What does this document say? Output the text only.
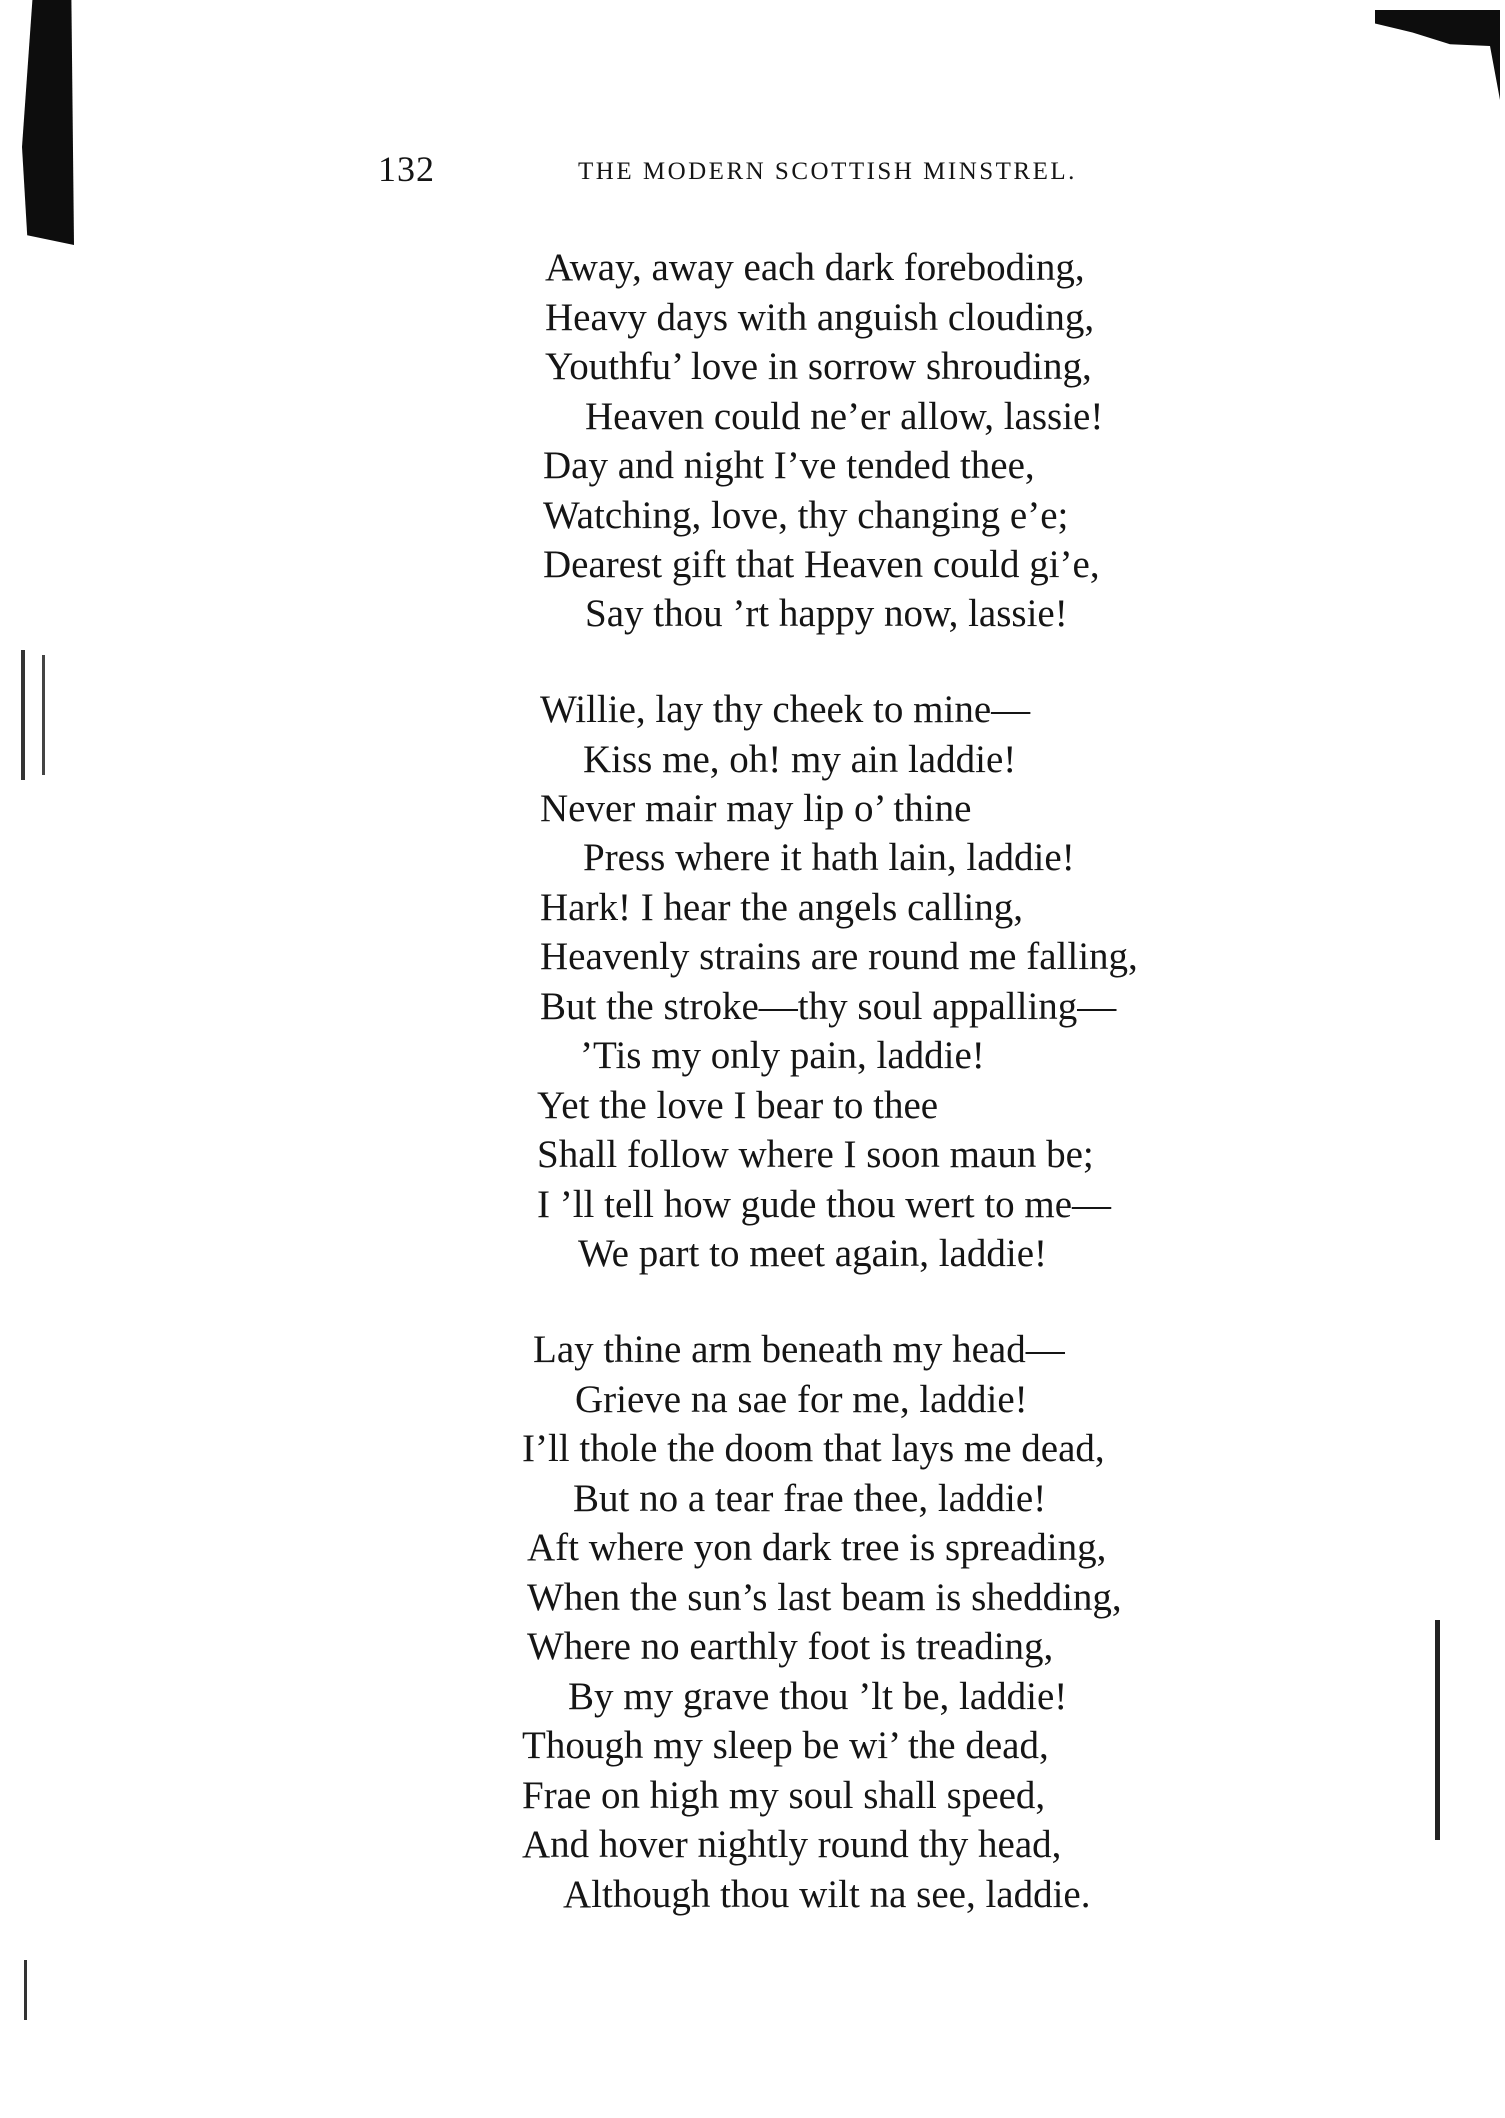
132	THE MODERN SCOTTISH MINSTREL.
Away, away each dark foreboding,
Heavy days with anguish clouding,
Youthfu’ love in sorrow shrouding,
Heaven could ne’er allow, lassie!
Day and night I’ve tended thee,
Watching, love, thy changing e’e;
Dearest gift that Heaven could gi’e,
Say thou ’rt happy now, lassie!
Willie, lay thy cheek to mine—
Kiss me, oh! my ain laddie!
Never mair may lip o’ thine
Press where it hath lain, laddie!
Hark! I hear the angels calling,
Heavenly strains are round me falling,
But the stroke—thy soul appalling—
’Tis my only pain, laddie!
Yet the love I bear to thee
Shall follow where I soon maun be;
I ’ll tell how gude thou wert to me—
We part to meet again, laddie!
Lay thine arm beneath my head—
Grieve na sae for me, laddie!
I’ll thole the doom that lays me dead,
But no a tear frae thee, laddie!
Aft where yon dark tree is spreading,
When the sun’s last beam is shedding,
Where no earthly foot is treading,
By my grave thou ’lt be, laddie!
Though my sleep be wi’ the dead,
Frae on high my soul shall speed,
And hover nightly round thy head,
Although thou wilt na see, laddie.
